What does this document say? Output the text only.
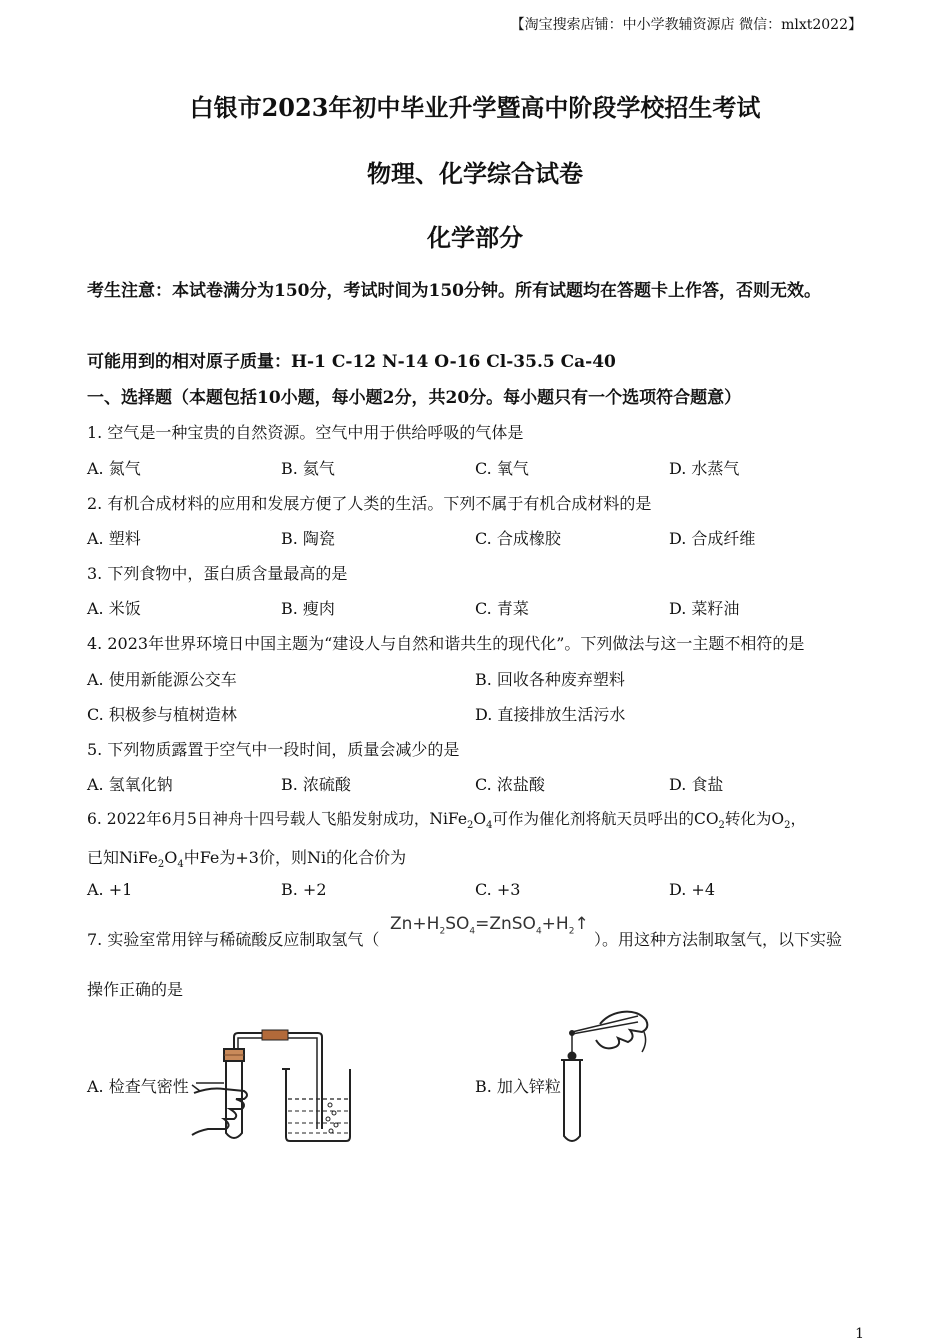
【淘宝搜索店铺：中小学教辅资源店 微信：mlxt2022】
白银市2023年初中毕业升学暨高中阶段学校招生考试
物理、化学综合试卷
化学部分
考生注意：本试卷满分为150分，考试时间为150分钟。所有试题均在答题卡上作答，否则无效。
可能用到的相对原子质量：H-1 C-12 N-14 O-16 Cl-35.5 Ca-40
一、选择题（本题包括10小题，每小题2分，共20分。每小题只有一个选项符合题意）
1. 空气是一种宝贵的自然资源。空气中用于供给呼吸的气体是
A. 氮气	B. 氦气	C. 氧气	D. 水蒸气
2. 有机合成材料的应用和发展方便了人类的生活。下列不属于有机合成材料的是
A. 塑料	B. 陶瓷	C. 合成橡胶	D. 合成纤维
3. 下列食物中，蛋白质含量最高的是
A. 米饭	B. 瘦肉	C. 青菜	D. 菜籽油
4. 2023年世界环境日中国主题为“建设人与自然和谐共生的现代化”。下列做法与这一主题不相符的是
A. 使用新能源公交车	B. 回收各种废弃塑料
C. 积极参与植树造林	D. 直接排放生活污水
5. 下列物质露置于空气中一段时间，质量会减少的是
A. 氢氧化钠	B. 浓硫酸	C. 浓盐酸	D. 食盐
6. 2022年6月5日神舟十四号载人飞船发射成功，$NiFe_2O_4$可作为催化剂将航天员呼出的$CO_2$转化为$O_2$，
已知$NiFe_2O_4$中Fe为+3价，则Ni的化合价为
A. +1	B. +2	C. +3	D. +4
7. 实验室常用锌与稀硫酸反应制取氢气（
$Zn+H_2SO_4=ZnSO_4+H_2↑$
）。用这种方法制取氢气，以下实验
操作正确的是
A. 检查气密性	B. 加入锌粒
1
